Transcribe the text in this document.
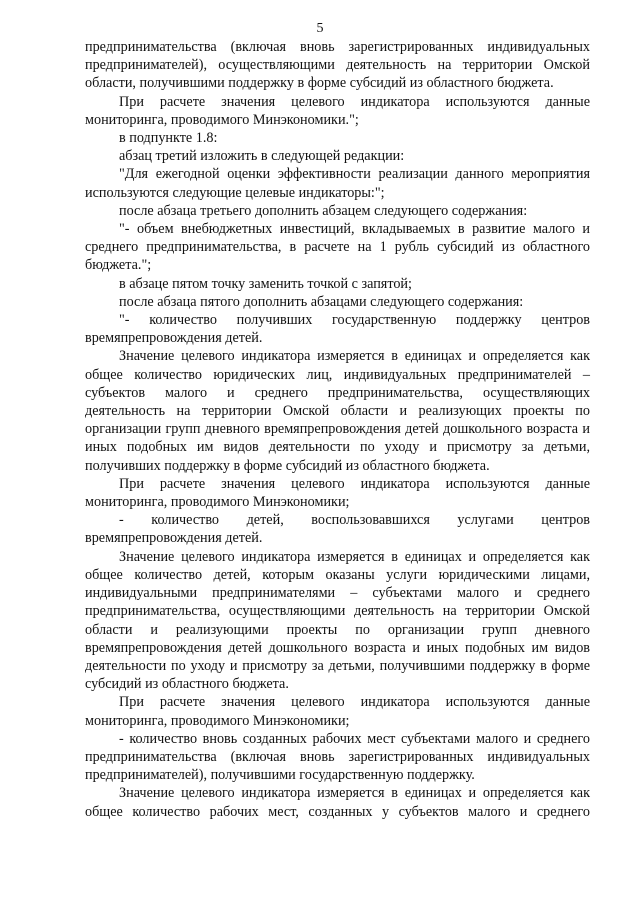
5

предпринимательства (включая вновь зарегистрированных индивидуальных предпринимателей), осуществляющими деятельность на территории Омской области, получившими поддержку в форме субсидий из областного бюджета.

При расчете значения целевого индикатора используются данные мониторинга, проводимого Минэкономики.";

в подпункте 1.8:

абзац третий изложить в следующей редакции:

"Для ежегодной оценки эффективности реализации данного мероприятия используются следующие целевые индикаторы:";

после абзаца третьего дополнить абзацем следующего содержания:

"- объем внебюджетных инвестиций, вкладываемых в развитие малого и среднего предпринимательства, в расчете на 1 рубль субсидий из областного бюджета.";

в абзаце пятом точку заменить точкой с запятой;

после абзаца пятого дополнить абзацами следующего содержания:

"- количество получивших государственную поддержку центров времяпрепровождения детей.

Значение целевого индикатора измеряется в единицах и определяется как общее количество юридических лиц, индивидуальных предпринимателей – субъектов малого и среднего предпринимательства, осуществляющих деятельность на территории Омской области и реализующих проекты по организации групп дневного времяпрепровождения детей дошкольного возраста и иных подобных им видов деятельности по уходу и присмотру за детьми, получивших поддержку в форме субсидий из областного бюджета.

При расчете значения целевого индикатора используются данные мониторинга, проводимого Минэкономики;

- количество детей, воспользовавшихся услугами центров времяпрепровождения детей.

Значение целевого индикатора измеряется в единицах и определяется как общее количество детей, которым оказаны услуги юридическими лицами, индивидуальными предпринимателями – субъектами малого и среднего предпринимательства, осуществляющими деятельность на территории Омской области и реализующими проекты по организации групп дневного времяпрепровождения детей дошкольного возраста и иных подобных им видов деятельности по уходу и присмотру за детьми, получившими поддержку в форме субсидий из областного бюджета.

При расчете значения целевого индикатора используются данные мониторинга, проводимого Минэкономики;

- количество вновь созданных рабочих мест субъектами малого и среднего предпринимательства (включая вновь зарегистрированных индивидуальных предпринимателей), получившими государственную поддержку.

Значение целевого индикатора измеряется в единицах и определяется как общее количество рабочих мест, созданных у субъектов малого и среднего
